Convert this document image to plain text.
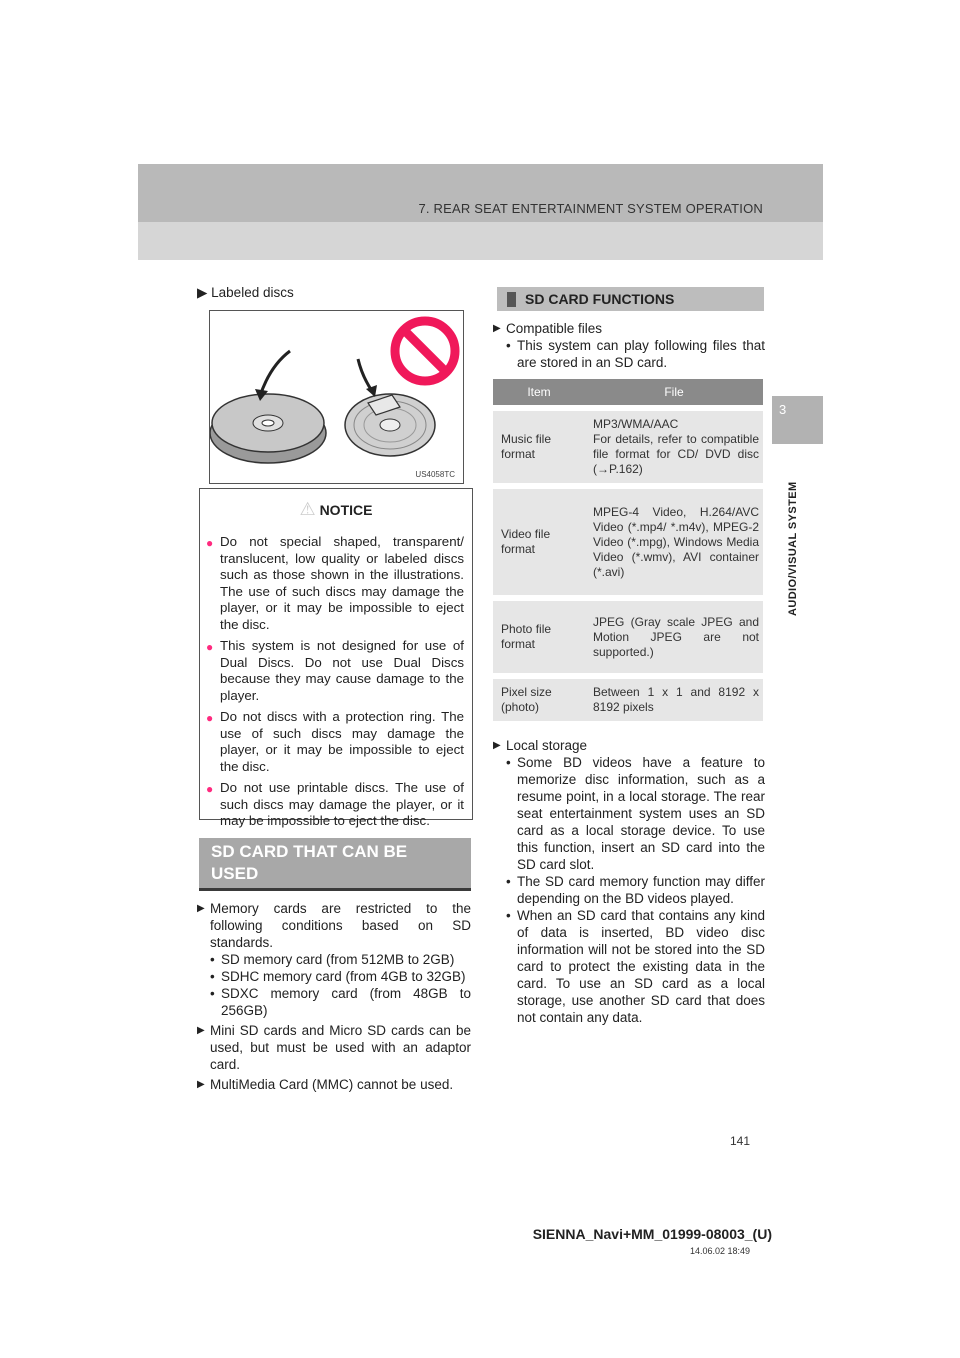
7. REAR SEAT ENTERTAINMENT SYSTEM OPERATION
3
AUDIO/VISUAL SYSTEM
▶ Labeled discs
US4058TC
⚠ NOTICE
● Do not special shaped, transparent/ translucent, low quality or labeled discs such as those shown in the illustrations. The use of such discs may damage the player, or it may be impossible to eject the disc.
● This system is not designed for use of Dual Discs. Do not use Dual Discs because they may cause damage to the player.
● Do not discs with a protection ring. The use of such discs may damage the player, or it may be impossible to eject the disc.
● Do not use printable discs. The use of such discs may damage the player, or it may be impossible to eject the disc.
SD CARD THAT CAN BE USED
▶ Memory cards are restricted to the following conditions based on SD standards.
• SD memory card (from 512MB to 2GB)
• SDHC memory card (from 4GB to 32GB)
• SDXC memory card (from 48GB to 256GB)
▶ Mini SD cards and Micro SD cards can be used, but must be used with an adaptor card.
▶ MultiMedia Card (MMC) cannot be used.
SD CARD FUNCTIONS
▶ Compatible files
• This system can play following files that are stored in an SD card.
Item	File
Music file format	MP3/WMA/AAC
For details, refer to compatible file format for CD/ DVD disc (→P.162)
Video file format	MPEG-4 Video, H.264/AVC Video (*.mp4/ *.m4v), MPEG-2 Video (*.mpg), Windows Media Video (*.wmv), AVI container (*.avi)
Photo file format	JPEG (Gray scale JPEG and Motion JPEG are not supported.)
Pixel size (photo)	Between 1 x 1 and 8192 x 8192 pixels
▶ Local storage
• Some BD videos have a feature to memorize disc information, such as a resume point, in a local storage. The rear seat entertainment system uses an SD card as a local storage device. To use this function, insert an SD card into the SD card slot.
• The SD card memory function may differ depending on the BD videos played.
• When an SD card that contains any kind of data is inserted, BD video disc information will not be stored into the SD card to protect the existing data in the card. To use an SD card as a local storage, use another SD card that does not contain any data.
141
SIENNA_Navi+MM_01999-08003_(U)
14.06.02 18:49
